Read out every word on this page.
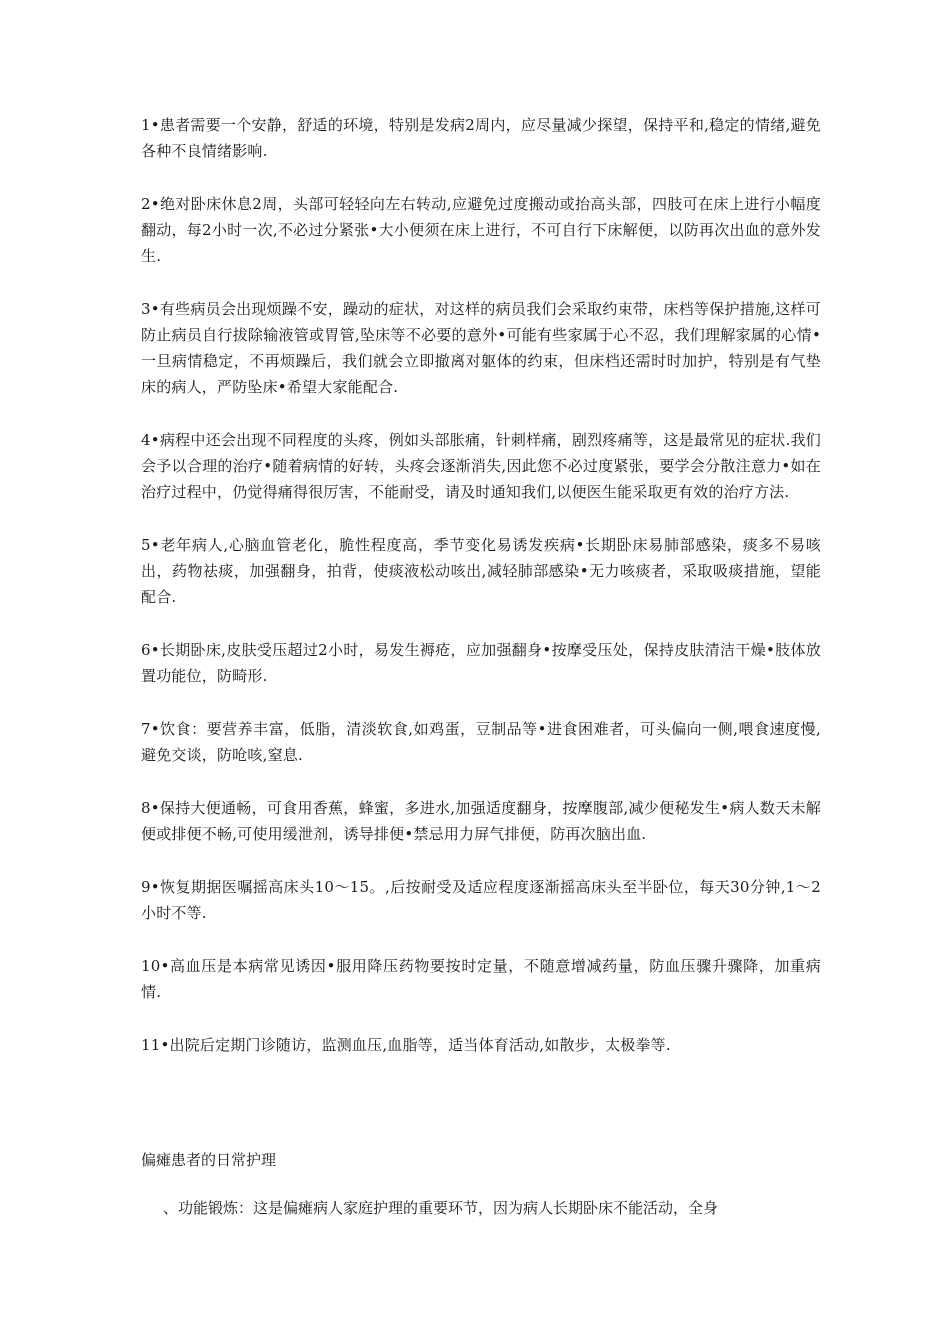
1•患者需要一个安静，舒适的环境，特别是发病2周内，应尽量减少探望，保持平和,稳定的情绪,避免各种不良情绪影响.

2•绝对卧床休息2周，头部可轻轻向左右转动,应避免过度搬动或抬高头部，四肢可在床上进行小幅度翻动，每2小时一次,不必过分紧张•大小便须在床上进行，不可自行下床解便，以防再次出血的意外发生.

3•有些病员会出现烦躁不安，躁动的症状，对这样的病员我们会采取约束带，床档等保护措施,这样可防止病员自行拔除输液管或胃管,坠床等不必要的意外•可能有些家属于心不忍，我们理解家属的心情•一旦病情稳定，不再烦躁后，我们就会立即撤离对躯体的约束，但床档还需时时加护，特别是有气垫床的病人，严防坠床•希望大家能配合.

4•病程中还会出现不同程度的头疼，例如头部胀痛，针刺样痛，剧烈疼痛等，这是最常见的症状.我们会予以合理的治疗•随着病情的好转，头疼会逐渐消失,因此您不必过度紧张，要学会分散注意力•如在治疗过程中，仍觉得痛得很厉害，不能耐受，请及时通知我们,以便医生能采取更有效的治疗方法.

5•老年病人,心脑血管老化，脆性程度高，季节变化易诱发疾病•长期卧床易肺部感染，痰多不易咳出，药物祛痰，加强翻身，拍背，使痰液松动咳出,减轻肺部感染•无力咳痰者，采取吸痰措施，望能配合.

6•长期卧床,皮肤受压超过2小时，易发生褥疮，应加强翻身•按摩受压处，保持皮肤清洁干燥•肢体放置功能位，防畸形.

7•饮食：要营养丰富，低脂，清淡软食,如鸡蛋，豆制品等•进食困难者，可头偏向一侧,喂食速度慢,避免交谈，防呛咳,窒息.

8•保持大便通畅，可食用香蕉，蜂蜜，多进水,加强适度翻身，按摩腹部,减少便秘发生•病人数天未解便或排便不畅,可使用缓泄剂，诱导排便•禁忌用力屏气排便，防再次脑出血.

9•恢复期据医嘱摇高床头10〜15。,后按耐受及适应程度逐渐摇高床头至半卧位，每天30分钟,1〜2小时不等.

10•高血压是本病常见诱因•服用降压药物要按时定量，不随意增减药量，防血压骤升骤降，加重病情.

11•出院后定期门诊随访，监测血压,血脂等，适当体育活动,如散步，太极拳等.

偏瘫患者的日常护理

、功能锻炼：这是偏瘫病人家庭护理的重要环节，因为病人长期卧床不能活动，全身
